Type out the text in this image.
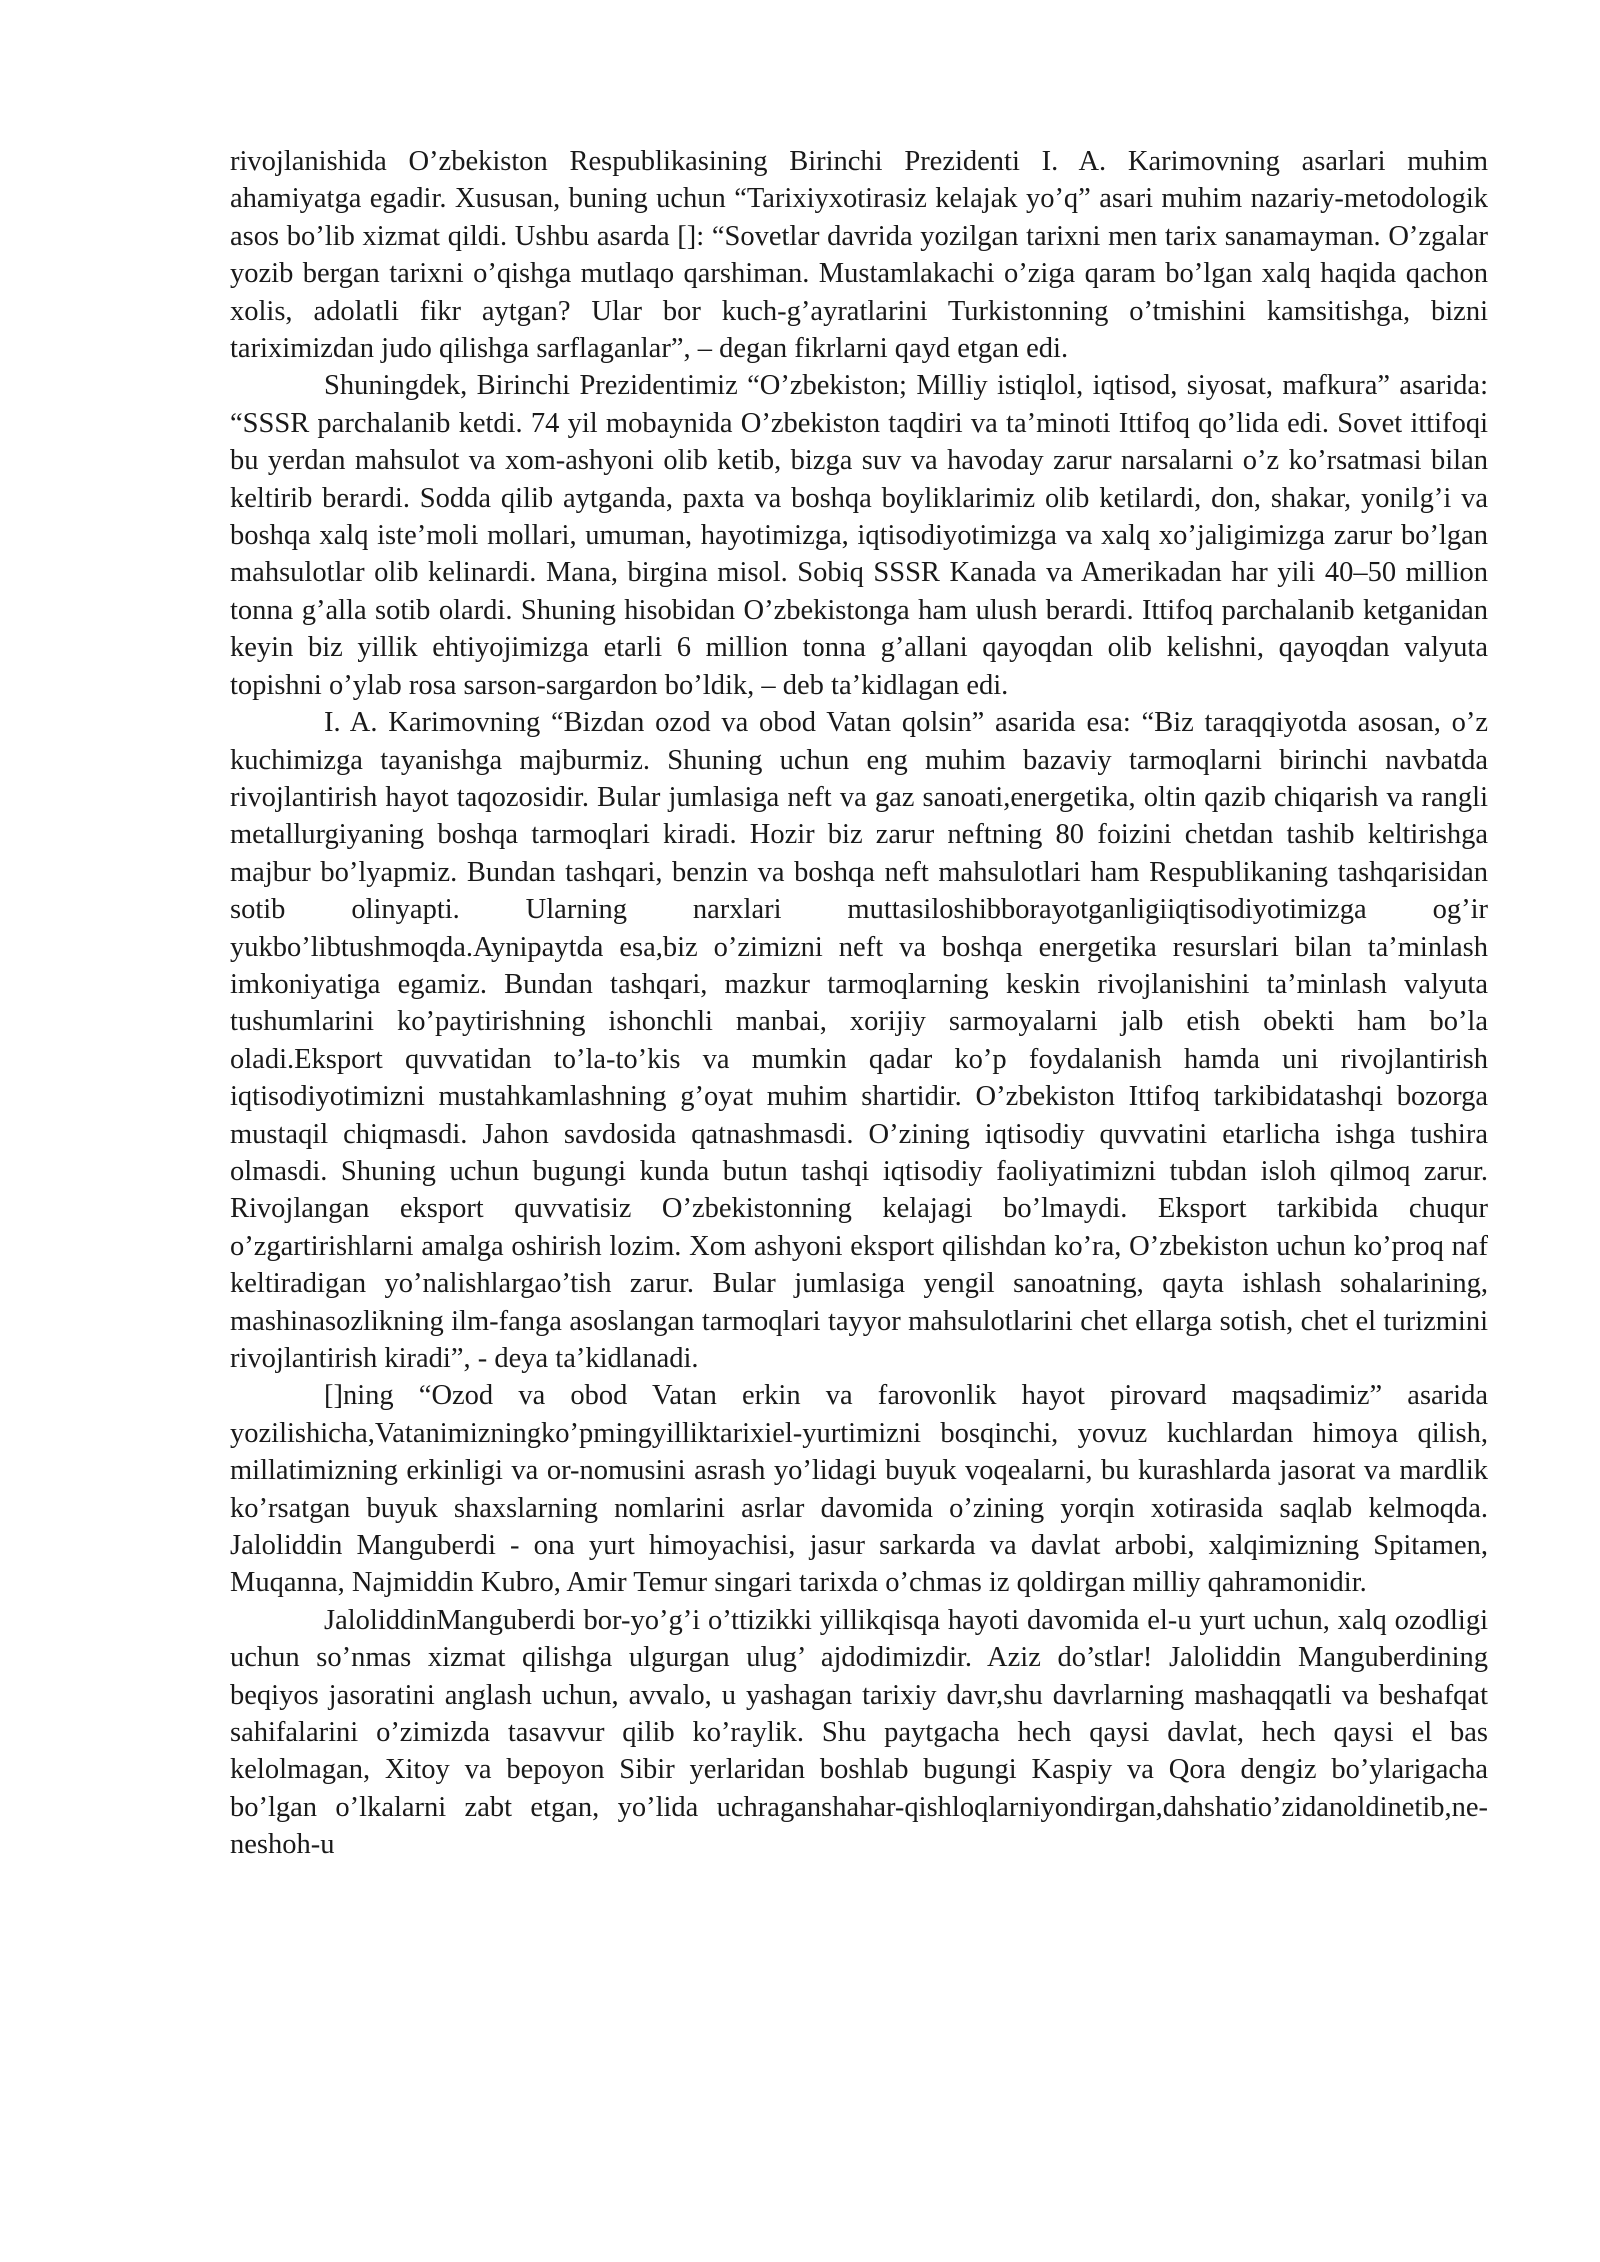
rivojlanishida O’zbekiston Respublikasining Birinchi Prezidenti I. A. Karimovning asarlari muhim ahamiyatga egadir. Xususan, buning uchun “Tarixiyxotirasiz kelajak yo’q” asari muhim nazariy-metodologik asos bo’lib xizmat qildi. Ushbu asarda []: “Sovetlar davrida yozilgan tarixni men tarix sanamayman. O’zgalar yozib bergan tarixni o’qishga mutlaqo qarshiman. Mustamlakachi o’ziga qaram bo’lgan xalq haqida qachon xolis, adolatli fikr aytgan? Ular bor kuch-g’ayratlarini Turkistonning o’tmishini kamsitishga, bizni tariximizdan judo qilishga sarflaganlar”, – degan fikrlarni qayd etgan edi.

Shuningdek, Birinchi Prezidentimiz “O’zbekiston; Milliy istiqlol, iqtisod, siyosat, mafkura” asarida: “SSSR parchalanib ketdi. 74 yil mobaynida O’zbekiston taqdiri va ta’minoti Ittifoq qo’lida edi. Sovet ittifoqi bu yerdan mahsulot va xom-ashyoni olib ketib, bizga suv va havoday zarur narsalarni o’z ko’rsatmasi bilan keltirib berardi. Sodda qilib aytganda, paxta va boshqa boyliklarimiz olib ketilardi, don, shakar, yonilg’i va boshqa xalq iste’moli mollari, umuman, hayotimizga, iqtisodiyotimizga va xalq xo’jaligimizga zarur bo’lgan mahsulotlar olib kelinardi. Mana, birgina misol. Sobiq SSSR Kanada va Amerikadan har yili 40–50 million tonna g’alla sotib olardi. Shuning hisobidan O’zbekistonga ham ulush berardi. Ittifoq parchalanib ketganidan keyin biz yillik ehtiyojimizga etarli 6 million tonna g’allani qayoqdan olib kelishni, qayoqdan valyuta topishni o’ylab rosa sarson-sargardon bo’ldik, – deb ta’kidlagan edi.

I. A. Karimovning “Bizdan ozod va obod Vatan qolsin” asarida esa: “Biz taraqqiyotda asosan, o’z kuchimizga tayanishga majburmiz. Shuning uchun eng muhim bazaviy tarmoqlarni birinchi navbatda rivojlantirish hayot taqozosidir. Bular jumlasiga neft va gaz sanoati,energetika, oltin qazib chiqarish va rangli metallurgiyaning boshqa tarmoqlari kiradi. Hozir biz zarur neftning 80 foizini chetdan tashib keltirishga majbur bo’lyapmiz. Bundan tashqari, benzin va boshqa neft mahsulotlari ham Respublikaning tashqarisidan sotib olinyapti. Ularning narxlari muttasiloshibborayotganligiiqtisodiyotimizga og’ir yukbo’libtushmoqda.Aynipaytda esa,biz o’zimizni neft va boshqa energetika resurslari bilan ta’minlash imkoniyatiga egamiz. Bundan tashqari, mazkur tarmoqlarning keskin rivojlanishini ta’minlash valyuta tushumlarini ko’paytirishning ishonchli manbai, xorijiy sarmoyalarni jalb etish obekti ham bo’la oladi.Eksport quvvatidan to’la-to’kis va mumkin qadar ko’p foydalanish hamda uni rivojlantirish iqtisodiyotimizni mustahkamlashning g’oyat muhim shartidir. O’zbekiston Ittifoq tarkibidatashqi bozorga mustaqil chiqmasdi. Jahon savdosida qatnashmasdi. O’zining iqtisodiy quvvatini etarlicha ishga tushira olmasdi. Shuning uchun bugungi kunda butun tashqi iqtisodiy faoliyatimizni tubdan isloh qilmoq zarur. Rivojlangan eksport quvvatisiz O’zbekistonning kelajagi bo’lmaydi. Eksport tarkibida chuqur o’zgartirishlarni amalga oshirish lozim. Xom ashyoni eksport qilishdan ko’ra, O’zbekiston uchun ko’proq naf keltiradigan yo’nalishlargao’tish zarur. Bular jumlasiga yengil sanoatning, qayta ishlash sohalarining, mashinasozlikning ilm-fanga asoslangan tarmoqlari tayyor mahsulotlarini chet ellarga sotish, chet el turizmini rivojlantirish kiradi”, - deya ta’kidlanadi.

[]ning “Ozod va obod Vatan erkin va farovonlik hayot pirovard maqsadimiz” asarida yozilishicha,Vatanimizningko’pmingyilliktarixiel-yurtimizni bosqinchi, yovuz kuchlardan himoya qilish, millatimizning erkinligi va or-nomusini asrash yo’lidagi buyuk voqealarni, bu kurashlarda jasorat va mardlik ko’rsatgan buyuk shaxslarning nomlarini asrlar davomida o’zining yorqin xotirasida saqlab kelmoqda. Jaloliddin Manguberdi - ona yurt himoyachisi, jasur sarkarda va davlat arbobi, xalqimizning Spitamen, Muqanna, Najmiddin Kubro, Amir Temur singari tarixda o’chmas iz qoldirgan milliy qahramonidir.

JaloliddinManguberdi bor-yo’g’i o’ttizikki yillikqisqa hayoti davomida el-u yurt uchun, xalq ozodligi uchun so’nmas xizmat qilishga ulgurgan ulug’ ajdodimizdir. Aziz do’stlar! Jaloliddin Manguberdining beqiyos jasoratini anglash uchun, avvalo, u yashagan tarixiy davr,shu davrlarning mashaqqatli va beshafqat sahifalarini o’zimizda tasavvur qilib ko’raylik. Shu paytgacha hech qaysi davlat, hech qaysi el bas kelolmagan, Xitoy va bepoyon Sibir yerlaridan boshlab bugungi Kaspiy va Qora dengiz bo’ylarigacha bo’lgan o’lkalarni zabt etgan, yo’lida uchraganshahar-qishloqlarniyondirgan,dahshatio’zidanoldinetib,ne-neshoh-u
